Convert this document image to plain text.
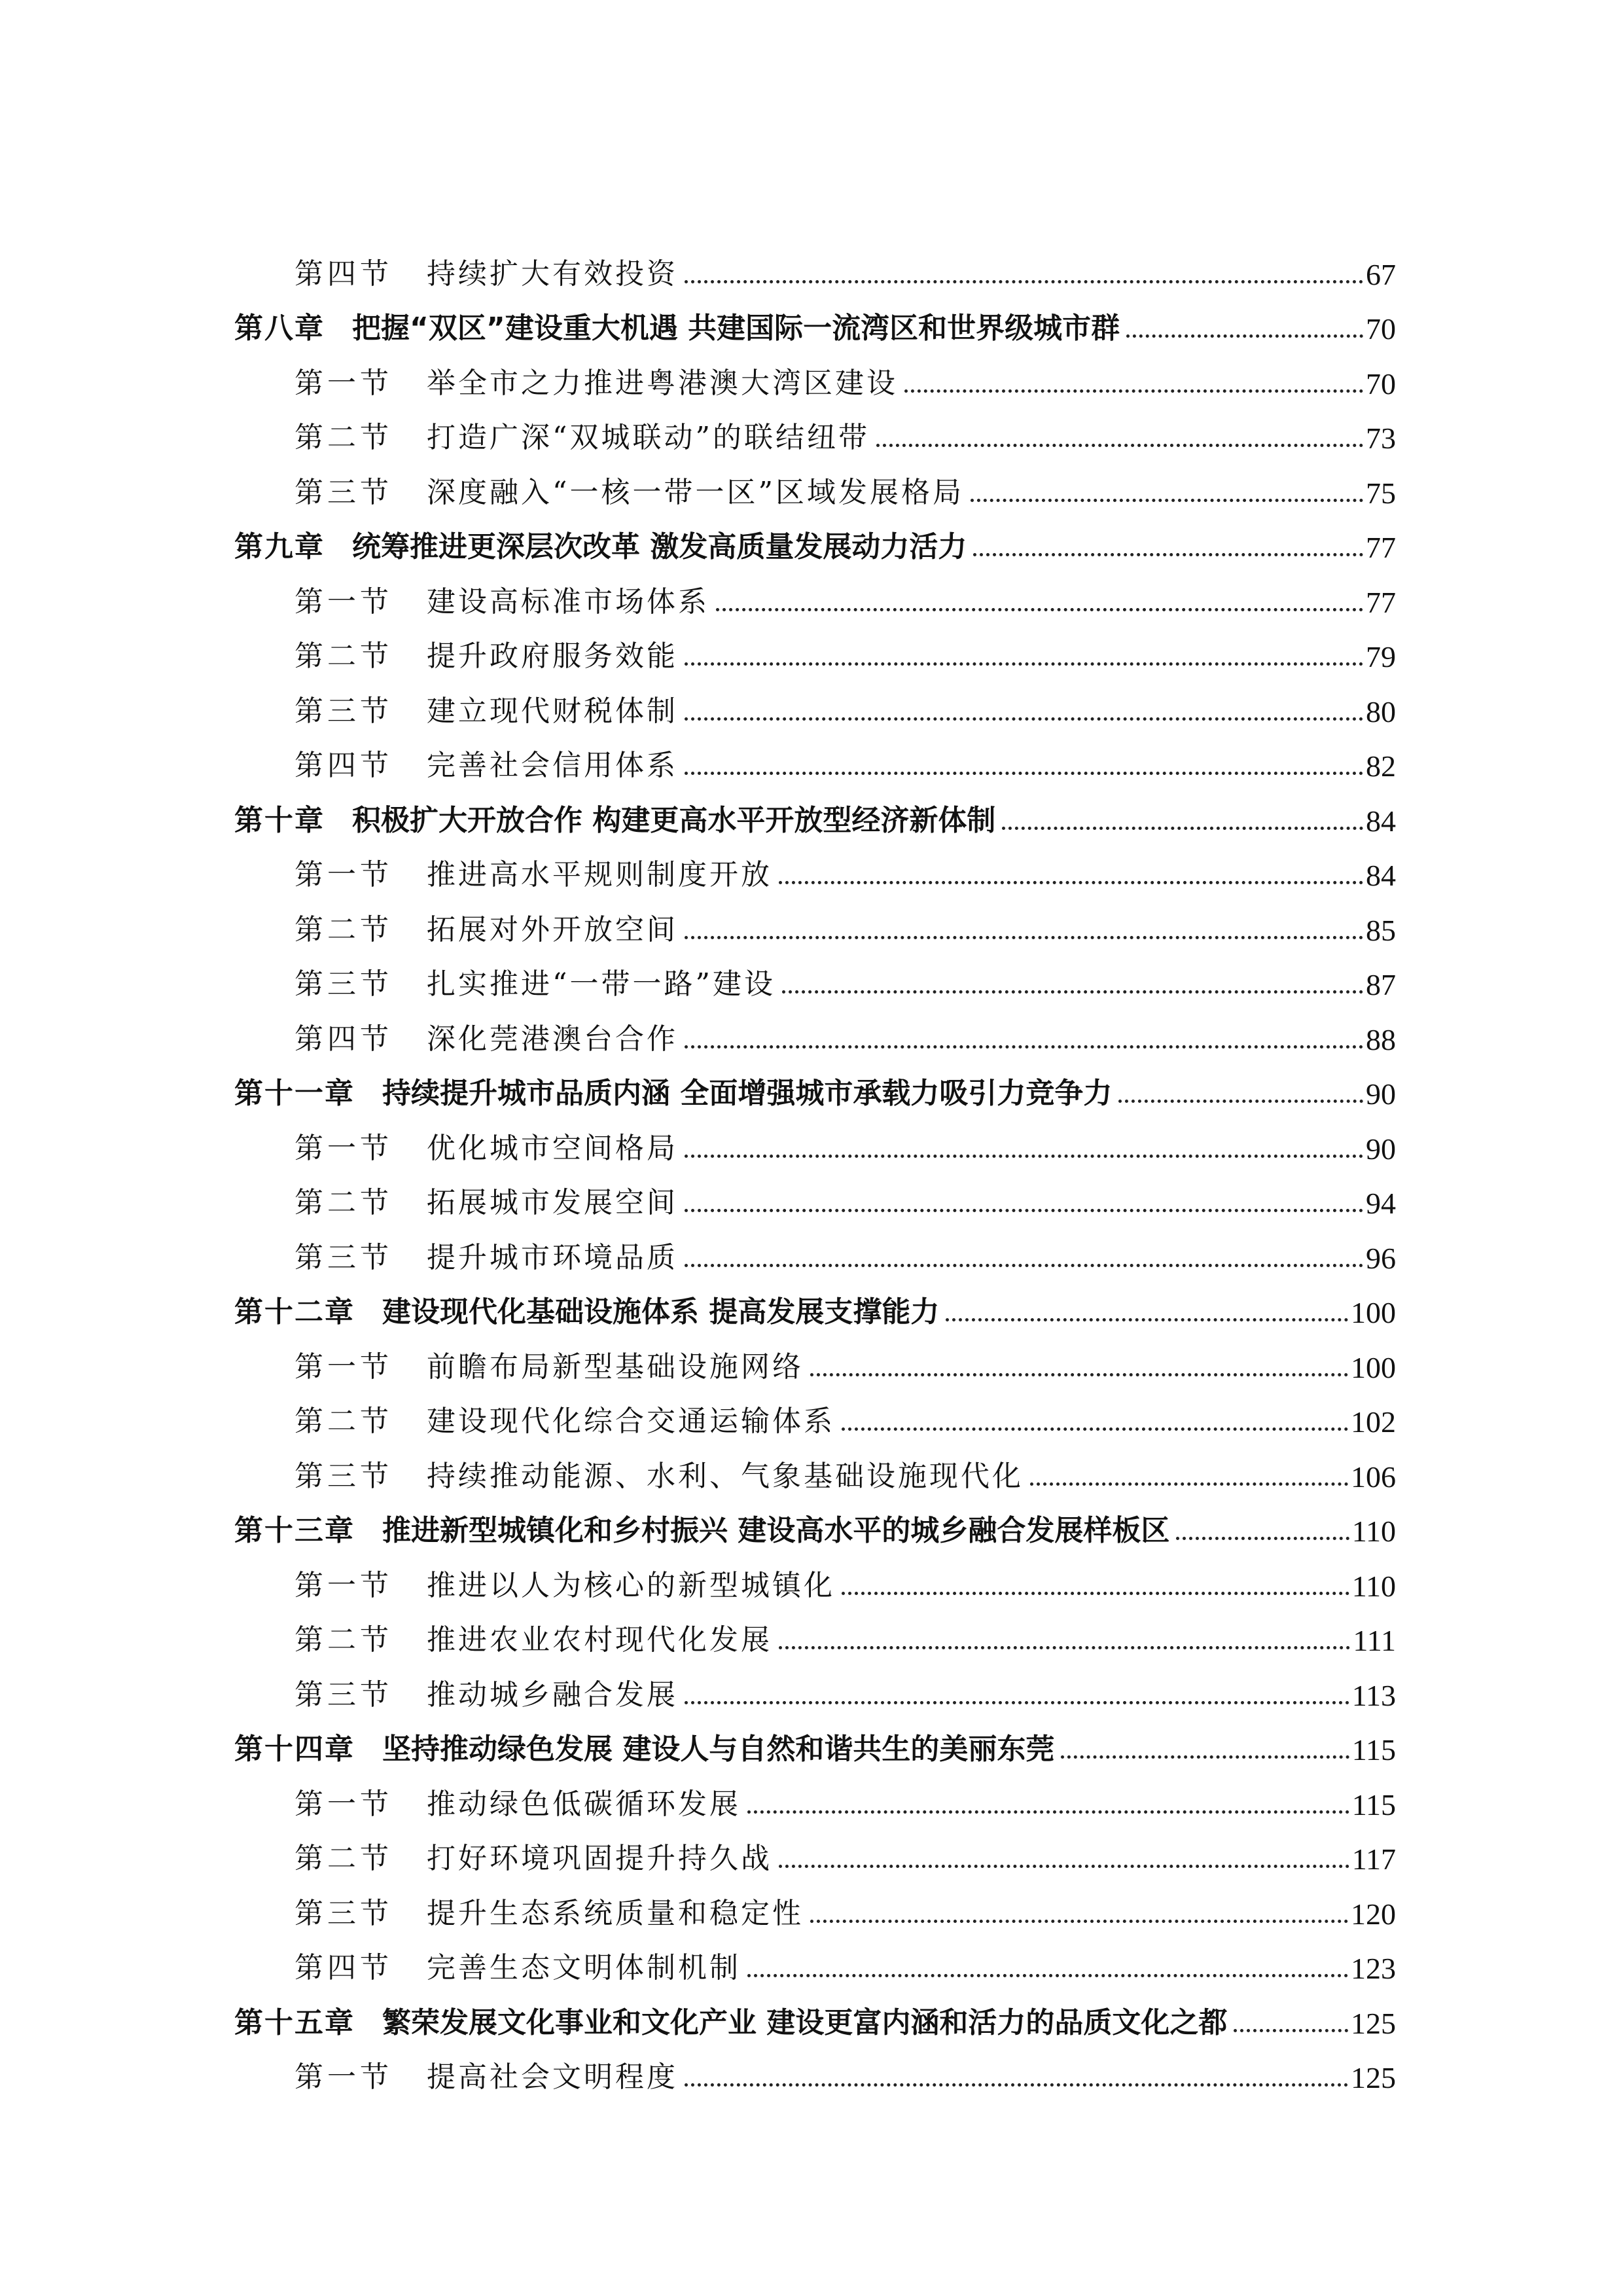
第四节 持续扩大有效投资	67
第八章 把握“双区”建设重大机遇 共建国际一流湾区和世界级城市群	70
第一节 举全市之力推进粤港澳大湾区建设	70
第二节 打造广深“双城联动”的联结纽带	73
第三节 深度融入“一核一带一区”区域发展格局	75
第九章 统筹推进更深层次改革 激发高质量发展动力活力	77
第一节 建设高标准市场体系	77
第二节 提升政府服务效能	79
第三节 建立现代财税体制	80
第四节 完善社会信用体系	82
第十章 积极扩大开放合作 构建更高水平开放型经济新体制	84
第一节 推进高水平规则制度开放	84
第二节 拓展对外开放空间	85
第三节 扎实推进“一带一路”建设	87
第四节 深化莞港澳台合作	88
第十一章 持续提升城市品质内涵 全面增强城市承载力吸引力竞争力	90
第一节 优化城市空间格局	90
第二节 拓展城市发展空间	94
第三节 提升城市环境品质	96
第十二章 建设现代化基础设施体系 提高发展支撑能力	100
第一节 前瞻布局新型基础设施网络	100
第二节 建设现代化综合交通运输体系	102
第三节 持续推动能源、水利、气象基础设施现代化	106
第十三章 推进新型城镇化和乡村振兴 建设高水平的城乡融合发展样板区	110
第一节 推进以人为核心的新型城镇化	110
第二节 推进农业农村现代化发展	111
第三节 推动城乡融合发展	113
第十四章 坚持推动绿色发展 建设人与自然和谐共生的美丽东莞	115
第一节 推动绿色低碳循环发展	115
第二节 打好环境巩固提升持久战	117
第三节 提升生态系统质量和稳定性	120
第四节 完善生态文明体制机制	123
第十五章 繁荣发展文化事业和文化产业 建设更富内涵和活力的品质文化之都	125
第一节 提高社会文明程度	125
